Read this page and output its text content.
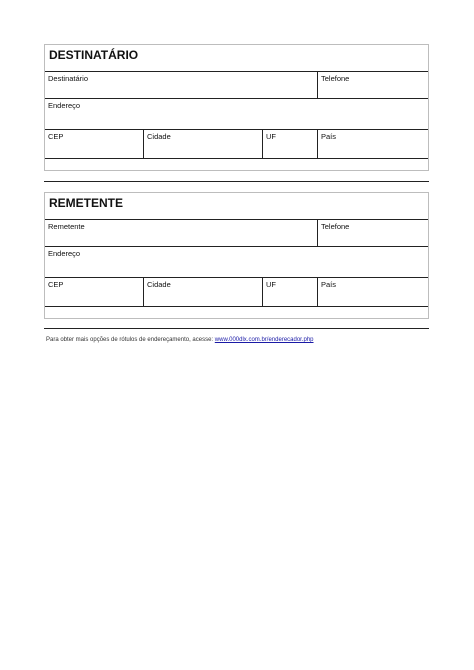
DESTINATÁRIO
Destinatário	Telefone
Endereço
CEP	Cidade	UF	País
REMETENTE
Remetente	Telefone
Endereço
CEP	Cidade	UF	País
Para obter mais opções de rótulos de endereçamento, acesse: www.000dlx.com.br/enderecador.php
